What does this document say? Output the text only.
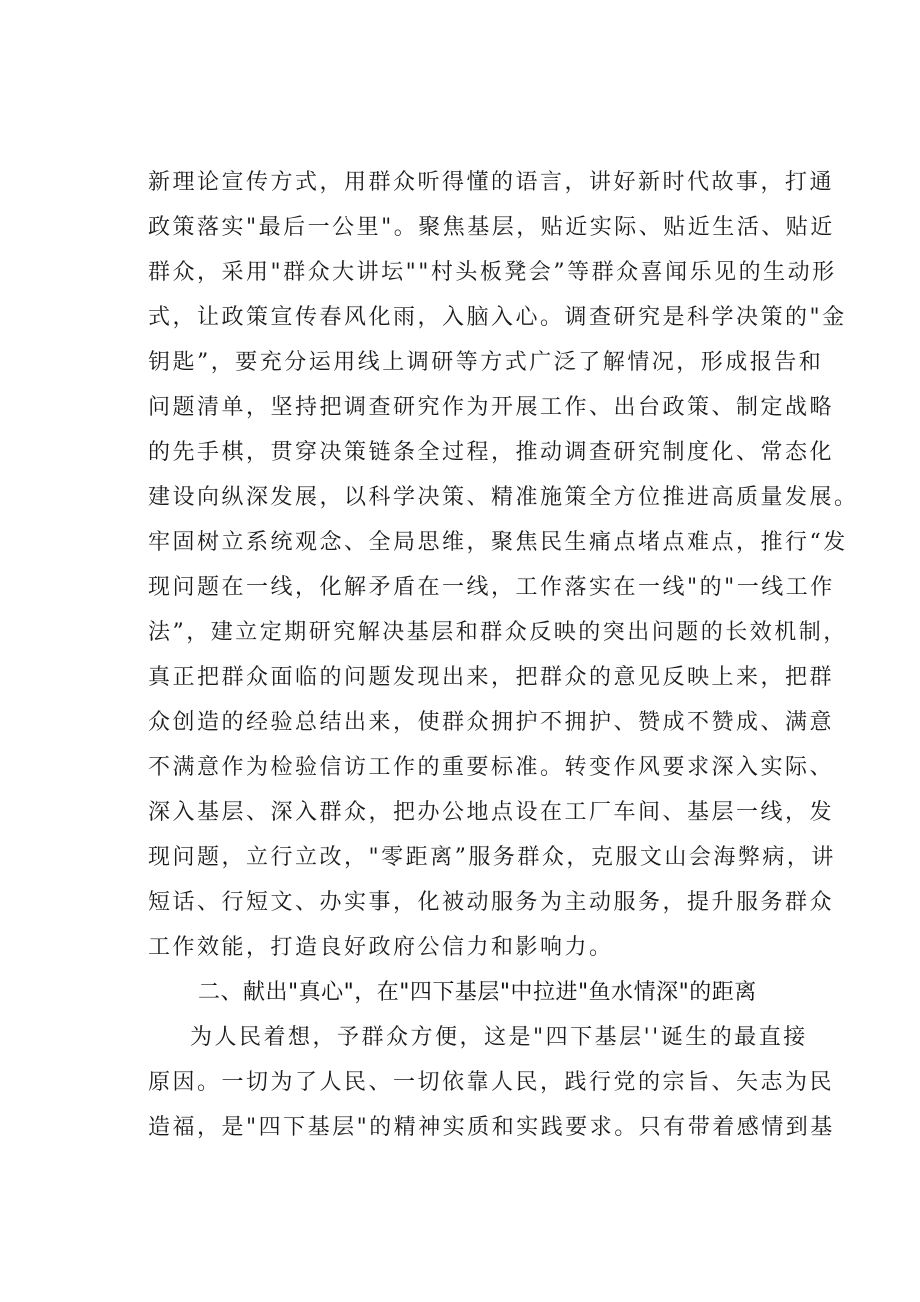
新理论宣传方式，用群众听得懂的语言，讲好新时代故事，打通
政策落实"最后一公里"。聚焦基层，贴近实际、贴近生活、贴近
群众，采用"群众大讲坛""村头板凳会”等群众喜闻乐见的生动形
式，让政策宣传春风化雨，入脑入心。调查研究是科学决策的"金
钥匙”，要充分运用线上调研等方式广泛了解情况，形成报告和
问题清单，坚持把调查研究作为开展工作、出台政策、制定战略
的先手棋，贯穿决策链条全过程，推动调查研究制度化、常态化
建设向纵深发展，以科学决策、精准施策全方位推进高质量发展。
牢固树立系统观念、全局思维，聚焦民生痛点堵点难点，推行“发
现问题在一线，化解矛盾在一线，工作落实在一线"的"一线工作
法”，建立定期研究解决基层和群众反映的突出问题的长效机制，
真正把群众面临的问题发现出来，把群众的意见反映上来，把群
众创造的经验总结出来，使群众拥护不拥护、赞成不赞成、满意
不满意作为检验信访工作的重要标准。转变作风要求深入实际、
深入基层、深入群众，把办公地点设在工厂车间、基层一线，发
现问题，立行立改，"零距离”服务群众，克服文山会海弊病，讲
短话、行短文、办实事，化被动服务为主动服务，提升服务群众
工作效能，打造良好政府公信力和影响力。
二、献出"真心"，在"四下基层"中拉进"鱼水情深"的距离
为人民着想，予群众方便，这是"四下基层''诞生的最直接
原因。一切为了人民、一切依靠人民，践行党的宗旨、矢志为民
造福，是"四下基层"的精神实质和实践要求。只有带着感情到基
